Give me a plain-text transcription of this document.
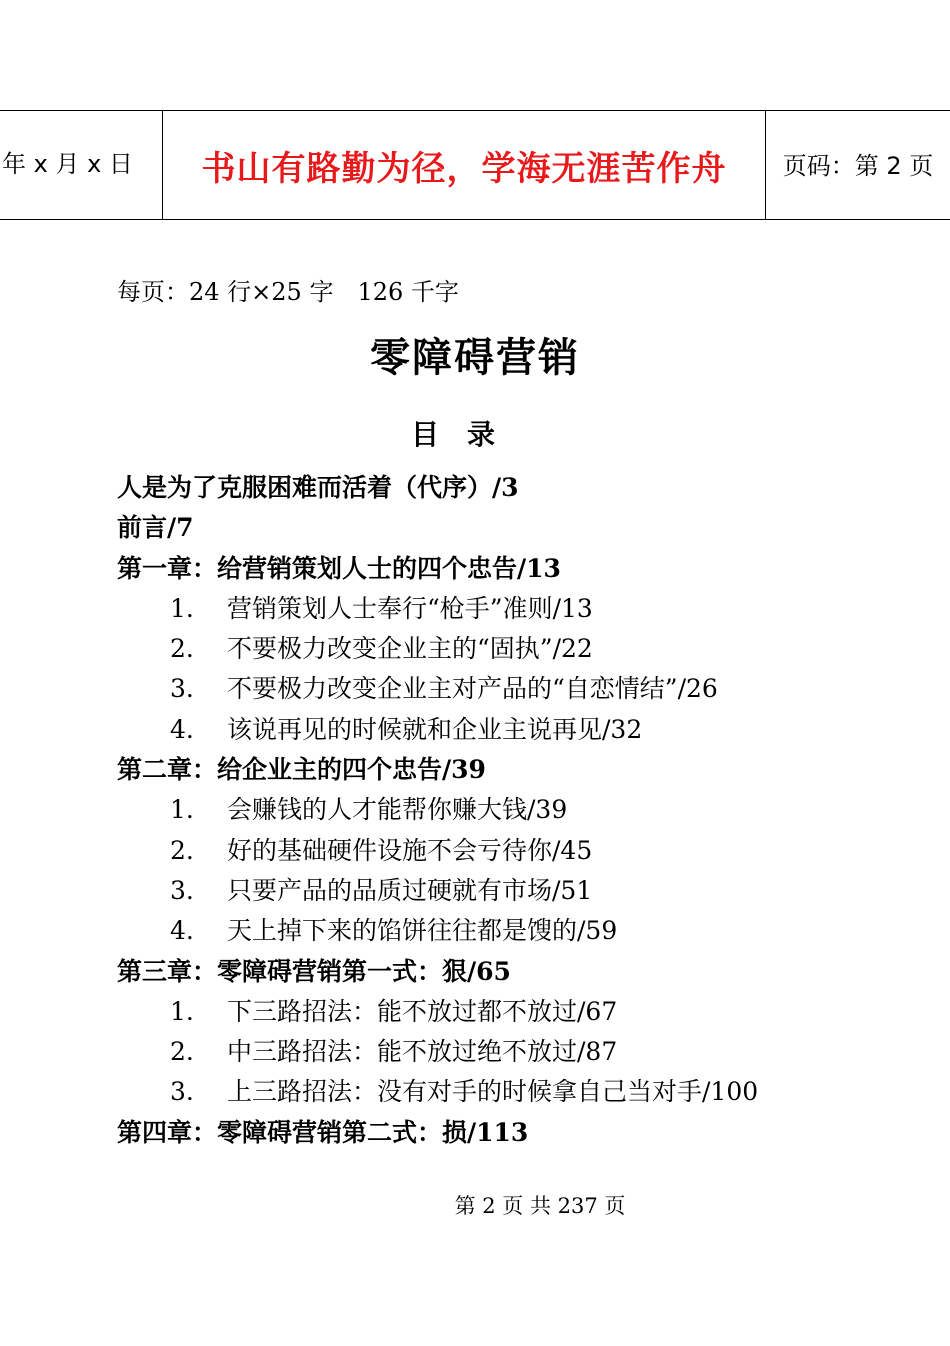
年 x 月 x 日 书山有路勤为径，学海无涯苦作舟 页码：第 2 页
每页：24 行×25 字　126 千字
零障碍营销
目　录
人是为了克服困难而活着（代序）/3
前言/7
第一章：给营销策划人士的四个忠告/13
1. 营销策划人士奉行“枪手”准则/13
2. 不要极力改变企业主的“固执”/22
3. 不要极力改变企业主对产品的“自恋情结”/26
4. 该说再见的时候就和企业主说再见/32
第二章：给企业主的四个忠告/39
1. 会赚钱的人才能帮你赚大钱/39
2. 好的基础硬件设施不会亏待你/45
3. 只要产品的品质过硬就有市场/51
4. 天上掉下来的馅饼往往都是馊的/59
第三章：零障碍营销第一式：狠/65
1. 下三路招法：能不放过都不放过/67
2. 中三路招法：能不放过绝不放过/87
3. 上三路招法：没有对手的时候拿自己当对手/100
第四章：零障碍营销第二式：损/113
第 2 页 共 237 页
